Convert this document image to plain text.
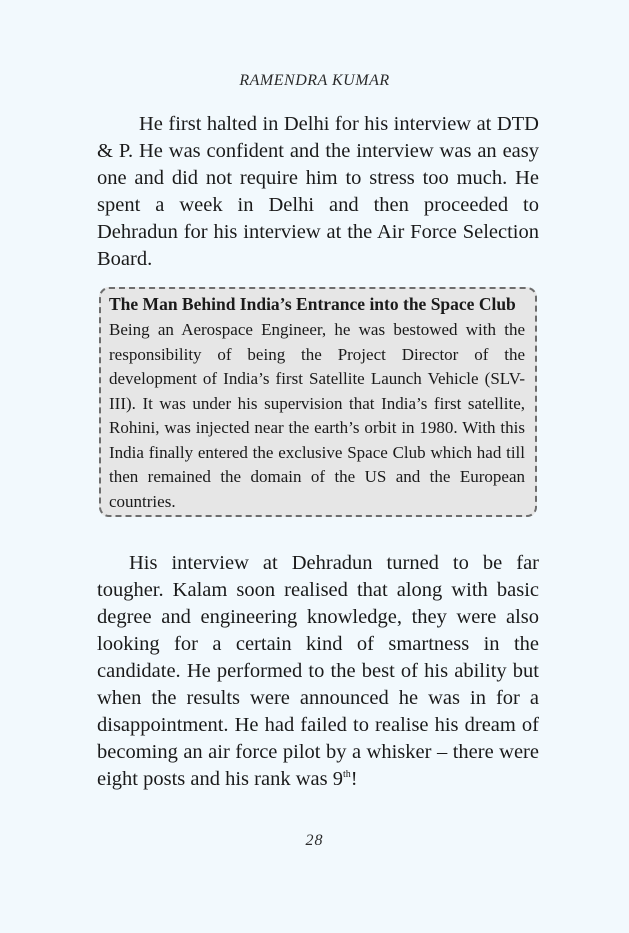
RAMENDRA KUMAR

He first halted in Delhi for his interview at DTD & P. He was confident and the interview was an easy one and did not require him to stress too much. He spent a week in Delhi and then proceeded to Dehradun for his interview at the Air Force Selection Board.

The Man Behind India’s Entrance into the Space Club

Being an Aerospace Engineer, he was bestowed with the responsibility of being the Project Director of the development of India’s first Satellite Launch Vehicle (SLV-III). It was under his supervision that India’s first satellite, Rohini, was injected near the earth’s orbit in 1980. With this India finally entered the exclusive Space Club which had till then remained the domain of the US and the European countries.

His interview at Dehradun turned to be far tougher. Kalam soon realised that along with basic degree and engineering knowledge, they were also looking for a certain kind of smartness in the candidate. He performed to the best of his ability but when the results were announced he was in for a disappointment. He had failed to realise his dream of becoming an air force pilot by a whisker – there were eight posts and his rank was 9th!

28
